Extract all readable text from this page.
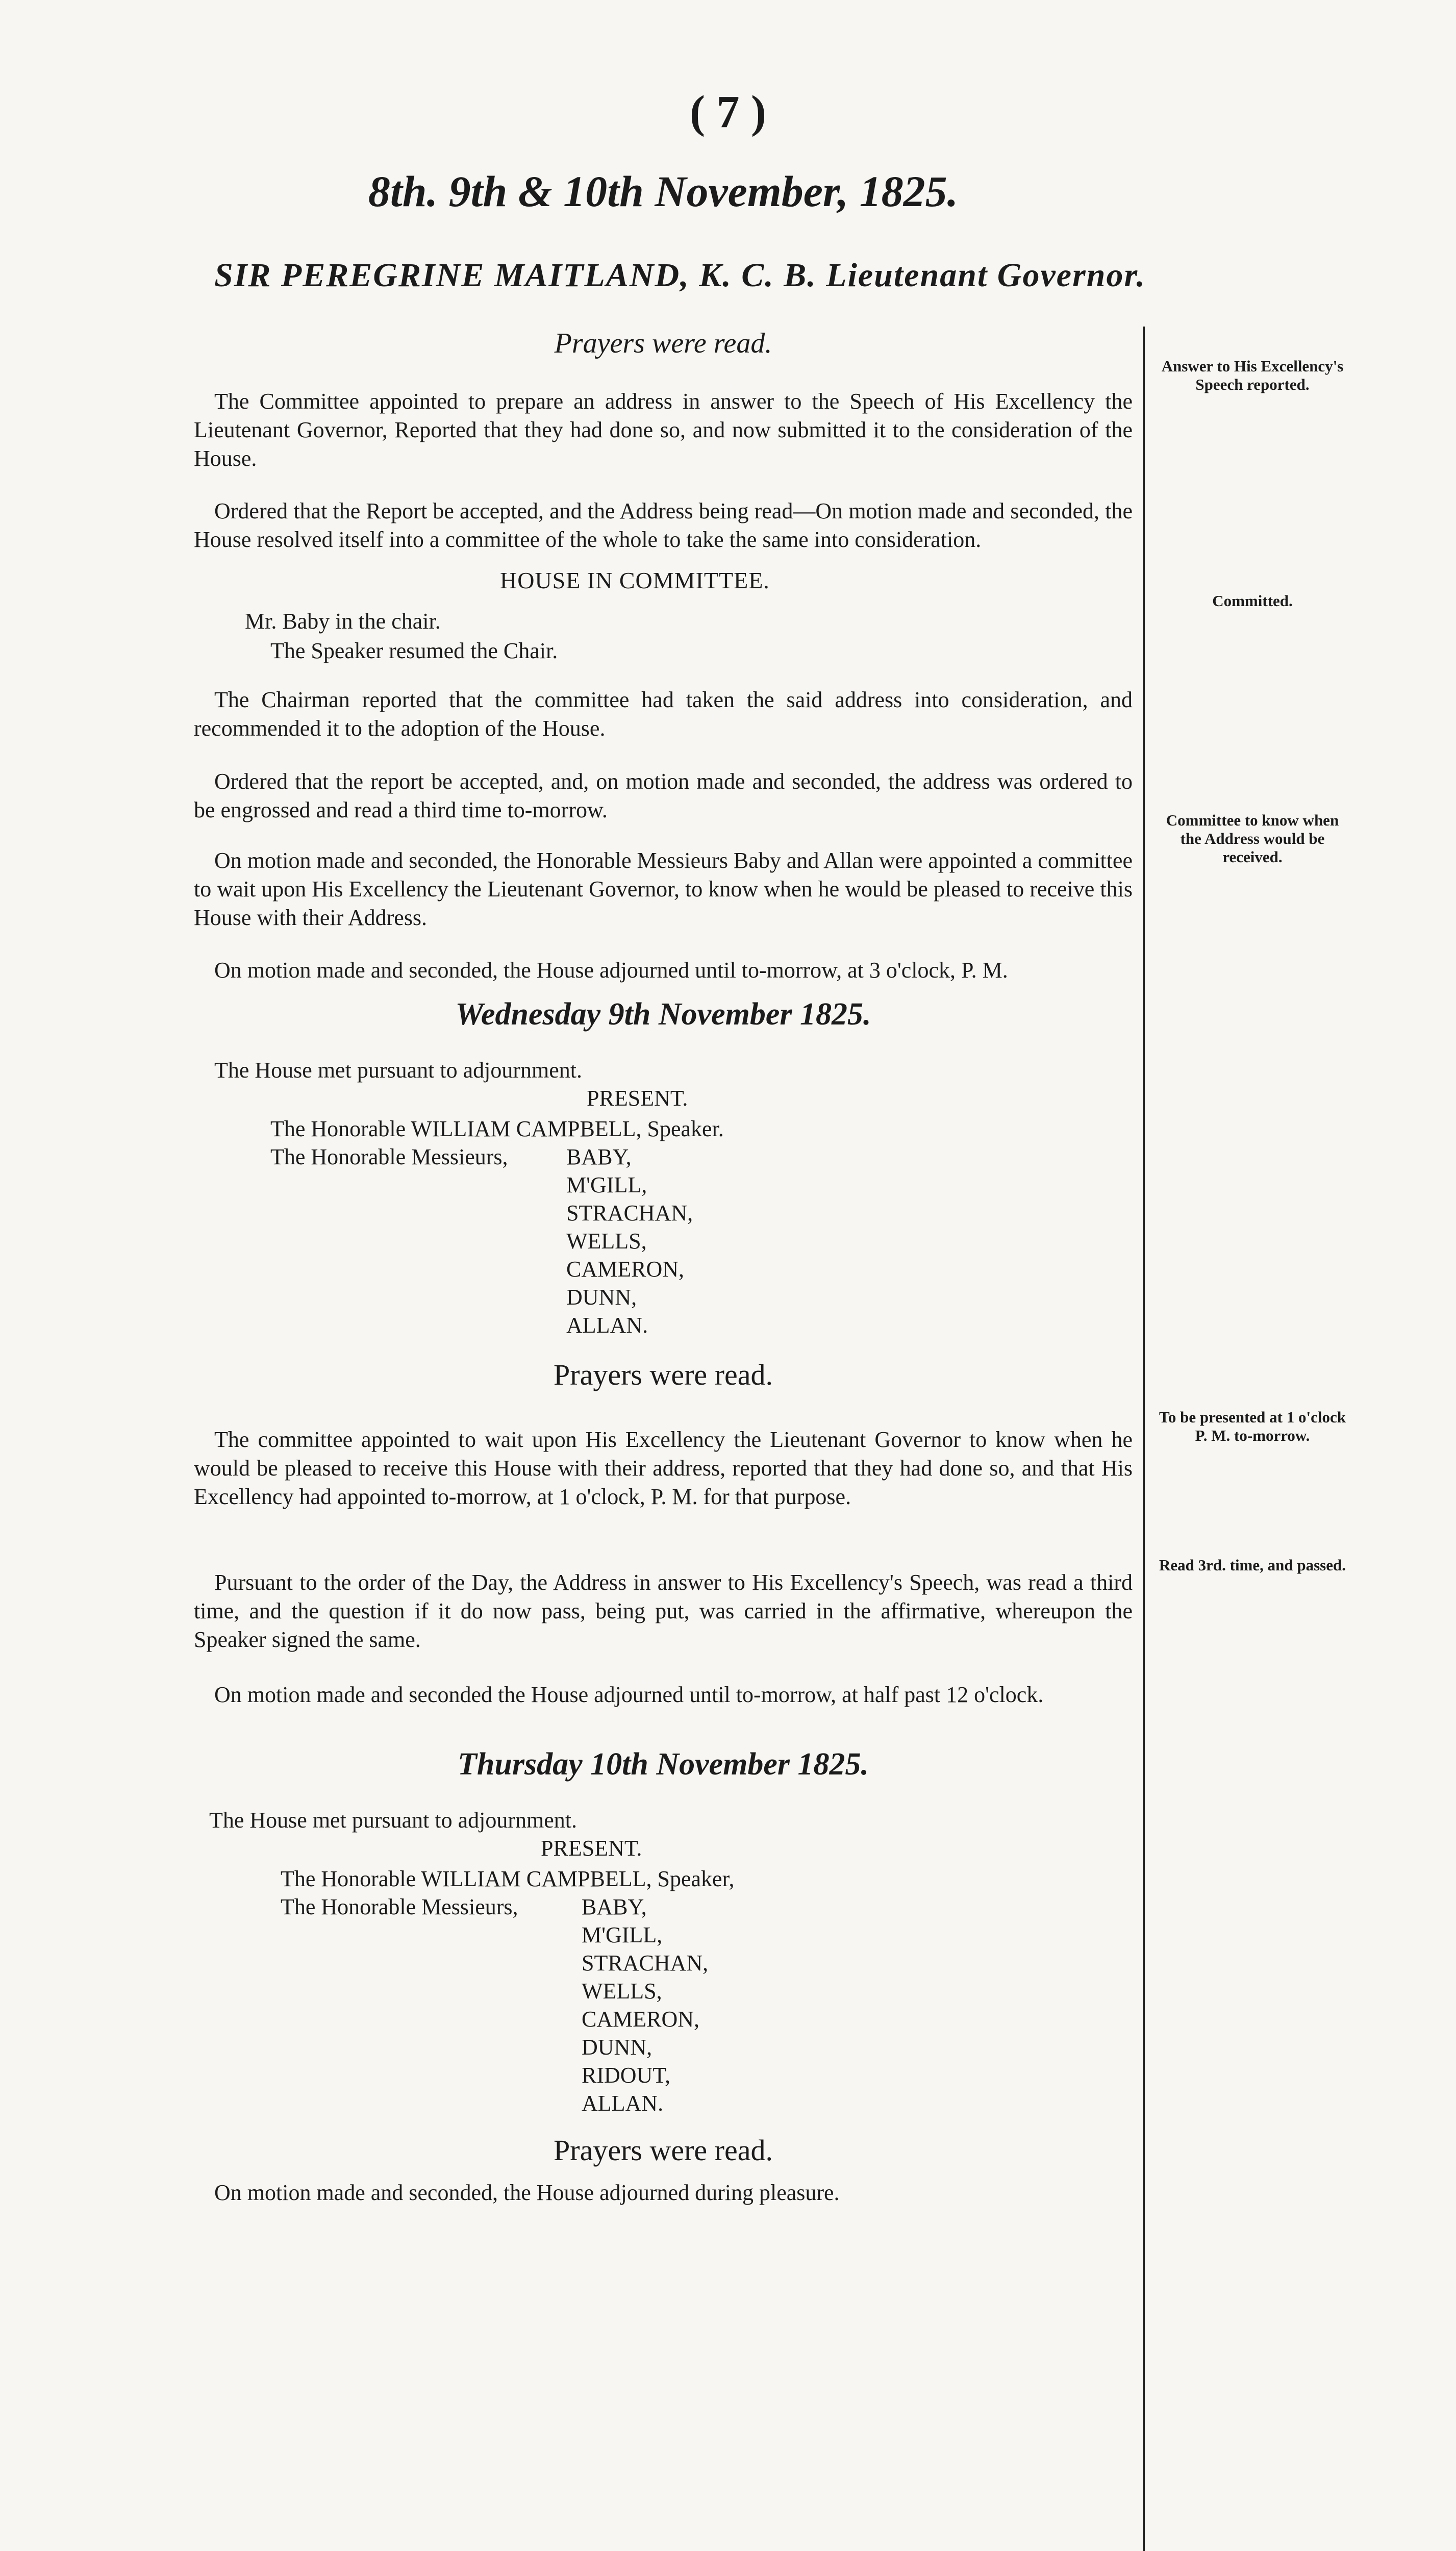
( 7 )
8th. 9th & 10th November, 1825.
SIR PEREGRINE MAITLAND, K. C. B. Lieutenant Governor.
Prayers were read.

The Committee appointed to prepare an address in answer to the Speech of His Excellency the Lieutenant Governor, Reported that they had done so, and now submitted it to the consideration of the House.

Ordered that the Report be accepted, and the Address being read—On motion made and seconded, the House resolved itself into a committee of the whole to take the same into consideration.

HOUSE IN COMMITTEE.
Mr. Baby in the chair.
The Speaker resumed the Chair.

The Chairman reported that the committee had taken the said address into consideration, and recommended it to the adoption of the House.

Ordered that the report be accepted, and, on motion made and seconded, the address was ordered to be engrossed and read a third time to-morrow.

On motion made and seconded, the Honorable Messieurs Baby and Allan were appointed a committee to wait upon His Excellency the Lieutenant Governor, to know when he would be pleased to receive this House with their Address.

On motion made and seconded, the House adjourned until to-morrow, at 3 o'clock, P. M.

Wednesday 9th November 1825.
The House met pursuant to adjournment.
PRESENT.
The Honorable WILLIAM CAMPBELL, Speaker.
The Honorable Messieurs,	BABY,
M'GILL,
STRACHAN,
WELLS,
CAMERON,
DUNN,
ALLAN.
Prayers were read.

The committee appointed to wait upon His Excellency the Lieutenant Governor to know when he would be pleased to receive this House with their address, reported that they had done so, and that His Excellency had appointed to-morrow, at 1 o'clock, P. M. for that purpose.

Pursuant to the order of the Day, the Address in answer to His Excellency's Speech, was read a third time, and the question if it do now pass, being put, was carried in the affirmative, whereupon the Speaker signed the same.

On motion made and seconded the House adjourned until to-morrow, at half past 12 o'clock.

Thursday 10th November 1825.
The House met pursuant to adjournment.
PRESENT.
The Honorable WILLIAM CAMPBELL, Speaker,
The Honorable Messieurs,	BABY,
M'GILL,
STRACHAN,
WELLS,
CAMERON,
DUNN,
RIDOUT,
ALLAN.
Prayers were read.
On motion made and seconded, the House adjourned during pleasure.
Answer to His Excellency's Speech reported.
Committed.
Committee to know when the Address would be received.
To be presented at 1 o'clock P. M. to-morrow.
Read 3rd. time, and passed.
